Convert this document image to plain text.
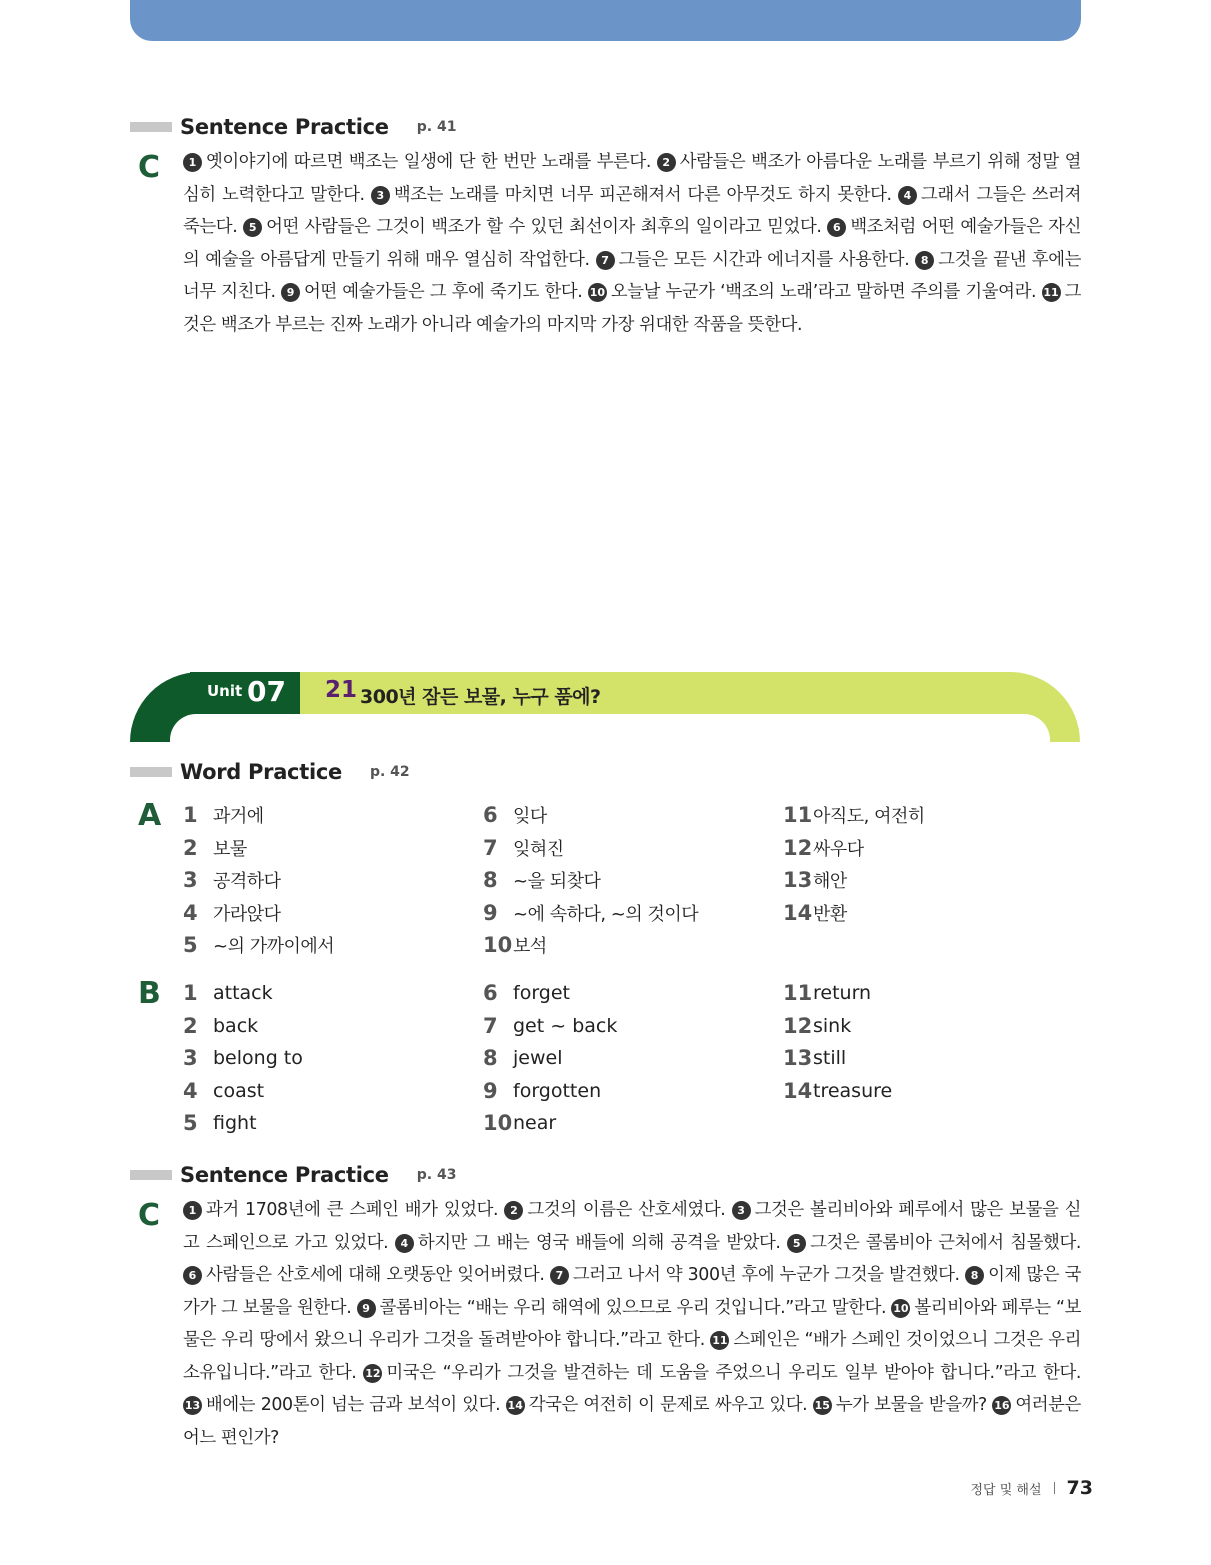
Sentence Practice p. 41
C	1 옛이야기에 따르면 백조는 일생에 단 한 번만 노래를 부른다. 2 사람들은 백조가 아름다운 노래를 부르기 위해 정말 열심히 노력한다고 말한다. 3 백조는 노래를 마치면 너무 피곤해져서 다른 아무것도 하지 못한다. 4 그래서 그들은 쓰러져 죽는다. 5 어떤 사람들은 그것이 백조가 할 수 있던 최선이자 최후의 일이라고 믿었다. 6 백조처럼 어떤 예술가들은 자신의 예술을 아름답게 만들기 위해 매우 열심히 작업한다. 7 그들은 모든 시간과 에너지를 사용한다. 8 그것을 끝낸 후에는 너무 지친다. 9 어떤 예술가들은 그 후에 죽기도 한다. 10 오늘날 누군가 ‘백조의 노래’라고 말하면 주의를 기울여라. 11 그것은 백조가 부르는 진짜 노래가 아니라 예술가의 마지막 가장 위대한 작품을 뜻한다.
Unit 07 21 300년 잠든 보물, 누구 품에?
Word Practice p. 42
A 1 과거에
2 보물
3 공격하다
4 가라앉다
5 ~의 가까이에서
6 잊다
7 잊혀진
8 ~을 되찾다
9 ~에 속하다, ~의 것이다
10 보석
11 아직도, 여전히
12 싸우다
13 해안
14 반환
B 1 attack
2 back
3 belong to
4 coast
5 fight
6 forget
7 get ~ back
8 jewel
9 forgotten
10 near
11 return
12 sink
13 still
14 treasure
Sentence Practice p. 43
C	1 과거 1708년에 큰 스페인 배가 있었다. 2 그것의 이름은 산호세였다. 3 그것은 볼리비아와 페루에서 많은 보물을 싣고 스페인으로 가고 있었다. 4 하지만 그 배는 영국 배들에 의해 공격을 받았다. 5 그것은 콜롬비아 근처에서 침몰했다. 6 사람들은 산호세에 대해 오랫동안 잊어버렸다. 7 그러고 나서 약 300년 후에 누군가 그것을 발견했다. 8 이제 많은 국가가 그 보물을 원한다. 9 콜롬비아는 “배는 우리 해역에 있으므로 우리 것입니다.”라고 말한다. 10 볼리비아와 페루는 “보물은 우리 땅에서 왔으니 우리가 그것을 돌려받아야 합니다.”라고 한다. 11 스페인은 “배가 스페인 것이었으니 그것은 우리 소유입니다.”라고 한다. 12 미국은 “우리가 그것을 발견하는 데 도움을 주었으니 우리도 일부 받아야 합니다.”라고 한다. 13 배에는 200톤이 넘는 금과 보석이 있다. 14 각국은 여전히 이 문제로 싸우고 있다. 15 누가 보물을 받을까? 16 여러분은 어느 편인가?
정답 및 해설 73
